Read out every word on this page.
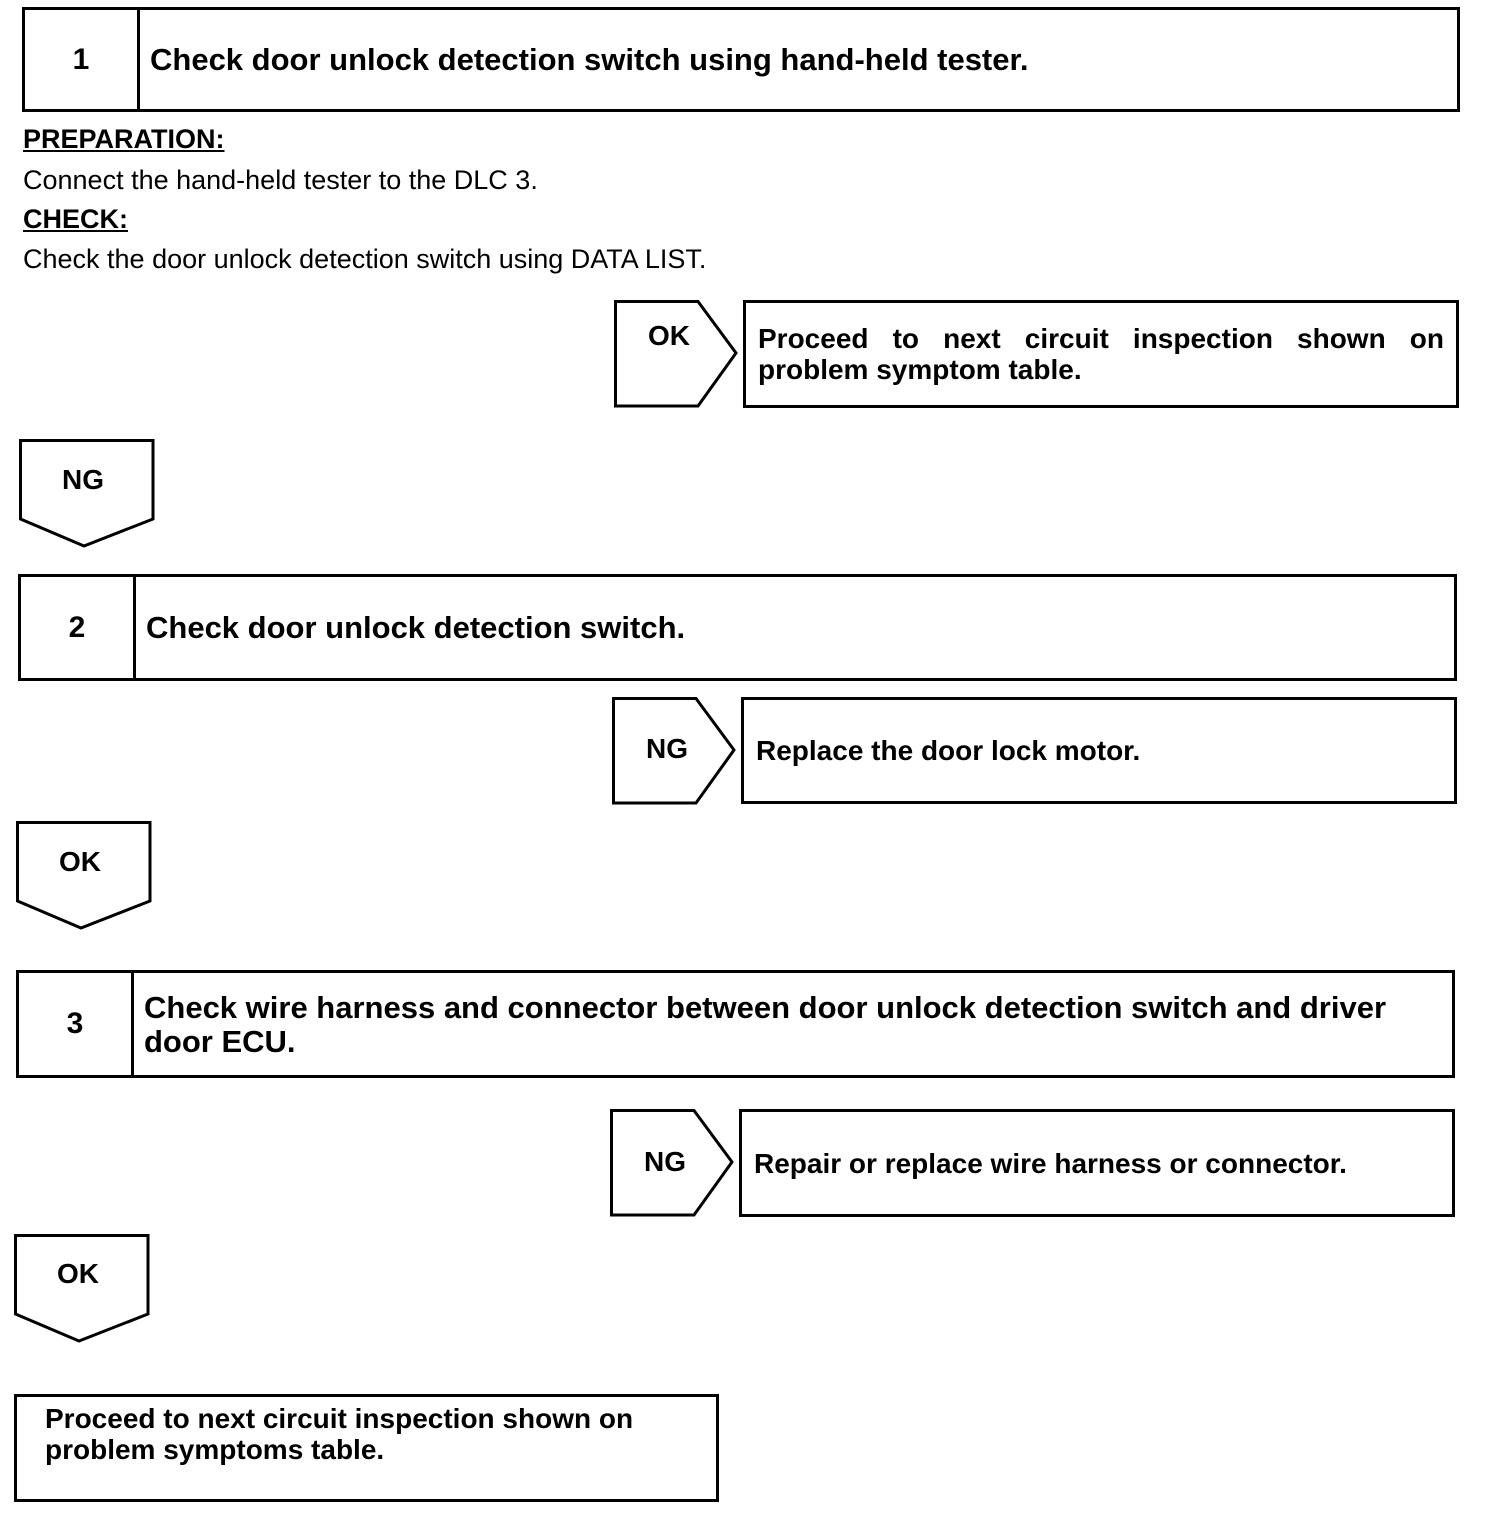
1	Check door unlock detection switch using hand-held tester.
PREPARATION:
Connect the hand-held tester to the DLC 3.
CHECK:
Check the door unlock detection switch using DATA LIST.
OK	Proceed to next circuit inspection shown on problem symptom table.
NG
2	Check door unlock detection switch.
NG	Replace the door lock motor.
OK
3	Check wire harness and connector between door unlock detection switch and driver door ECU.
NG	Repair or replace wire harness or connector.
OK
Proceed to next circuit inspection shown on problem symptoms table.
